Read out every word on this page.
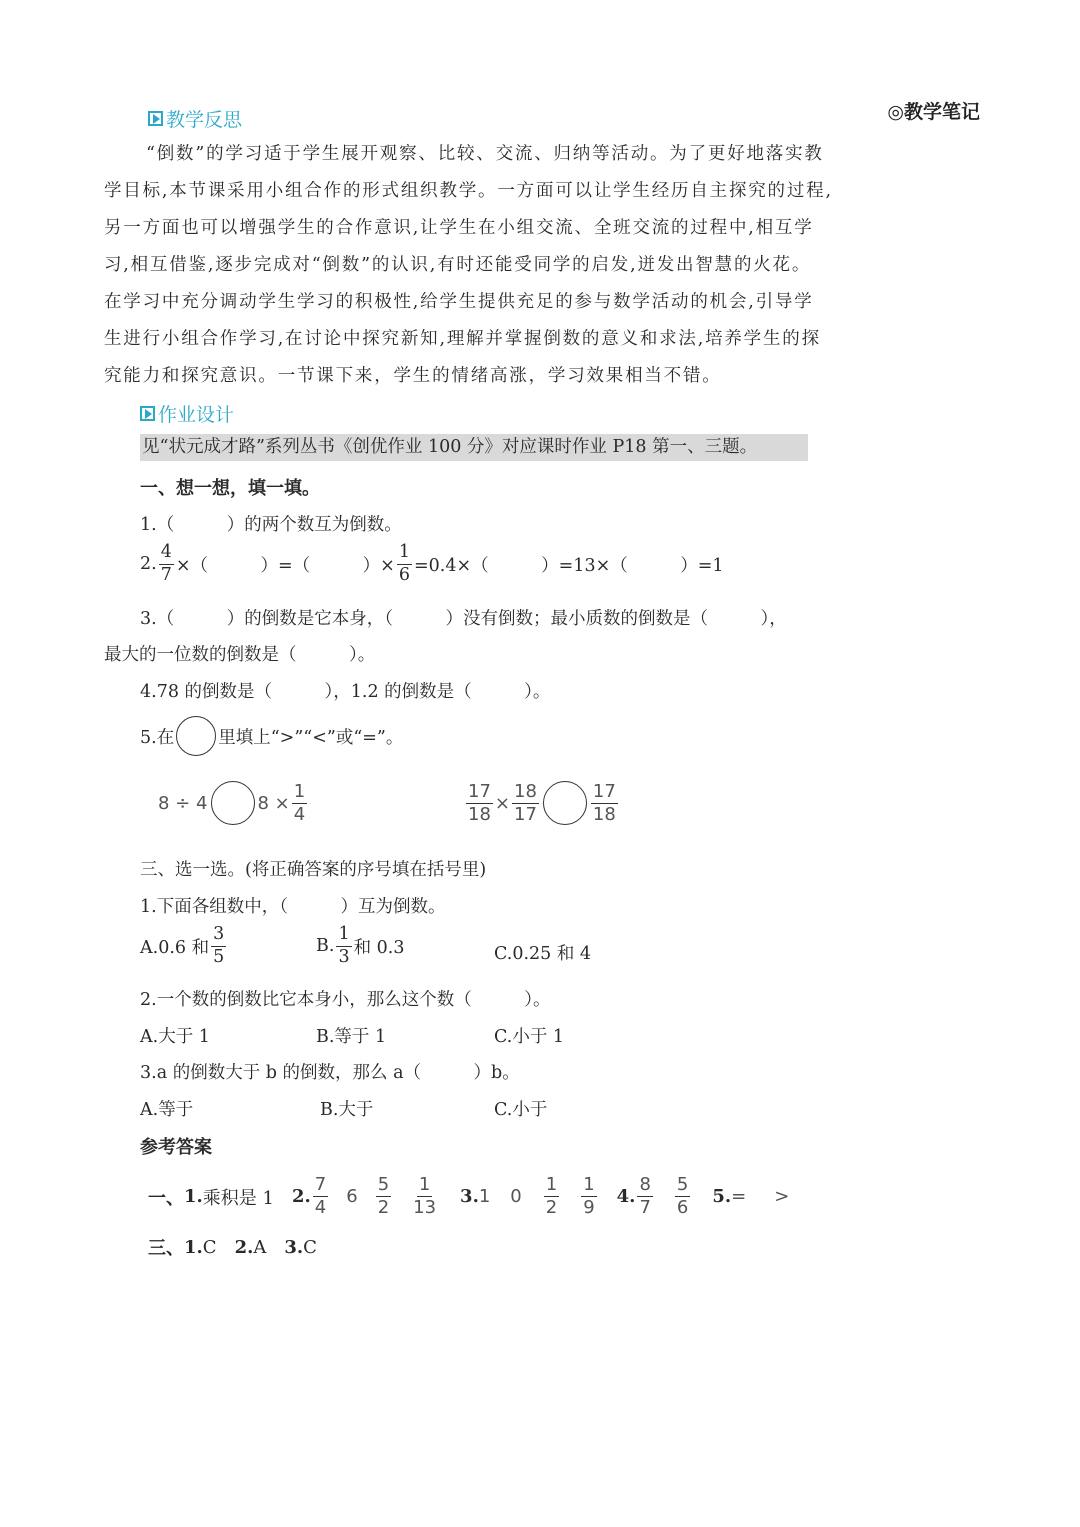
教学反思	◎教学笔记

“倒数”的学习适于学生展开观察、比较、交流、归纳等活动。为了更好地落实教

学目标,本节课采用小组合作的形式组织教学。一方面可以让学生经历自主探究的过程,

另一方面也可以增强学生的合作意识,让学生在小组交流、全班交流的过程中,相互学

习,相互借鉴,逐步完成对“倒数”的认识,有时还能受同学的启发,迸发出智慧的火花。

在学习中充分调动学生学习的积极性,给学生提供充足的参与数学活动的机会,引导学

生进行小组合作学习,在讨论中探究新知,理解并掌握倒数的意义和求法,培养学生的探

究能力和探究意识。一节课下来，学生的情绪高涨，学习效果相当不错。

作业设计
见“状元成才路”系列丛书《创优作业 100 分》对应课时作业 P18 第一、三题。
一、想一想，填一填。
1.（　　　）的两个数互为倒数。
2. $\frac{4}{7}$ ×（　　　）=（　　　）× $\frac{1}{6} =0.4\times$（　　　）=13×（　　　）=1
3.（　　　）的倒数是它本身，（　　　）没有倒数；最小质数的倒数是（　　　），
最大的一位数的倒数是（　　　）。
4.78 的倒数是（　　　），1.2 的倒数是（　　　）。
5.在	里填上“>”“<”或“=”。
8 ÷ 4	$8 \times \frac{1}{4}$	$\frac{17}{18} \times \frac{18}{17}$	$\frac{17}{18}$
三、选一选。(将正确答案的序号填在括号里)
1.下面各组数中，（　　　）互为倒数。
A.0.6 和 $\frac{3}{5}$	B. $\frac{1}{3}$ 和 0.3	C.0.25 和 4
2.一个数的倒数比它本身小，那么这个数（　　　）。
A.大于 1	B.等于 1	C.小于 1
3.a 的倒数大于 b 的倒数，那么 a（　　　）b。
A.等于	B.大于	C.小于
参考答案
一、 1. 乘积是 1 2. $\frac{7}{4} 6 \frac{5}{2} \frac{1}{13} 3$. 1 $0 \frac{1}{2} \frac{1}{9} 4$. $\frac{8}{7} \frac{5}{6} 5$. = >
三、 1. C 2. A 3. C
